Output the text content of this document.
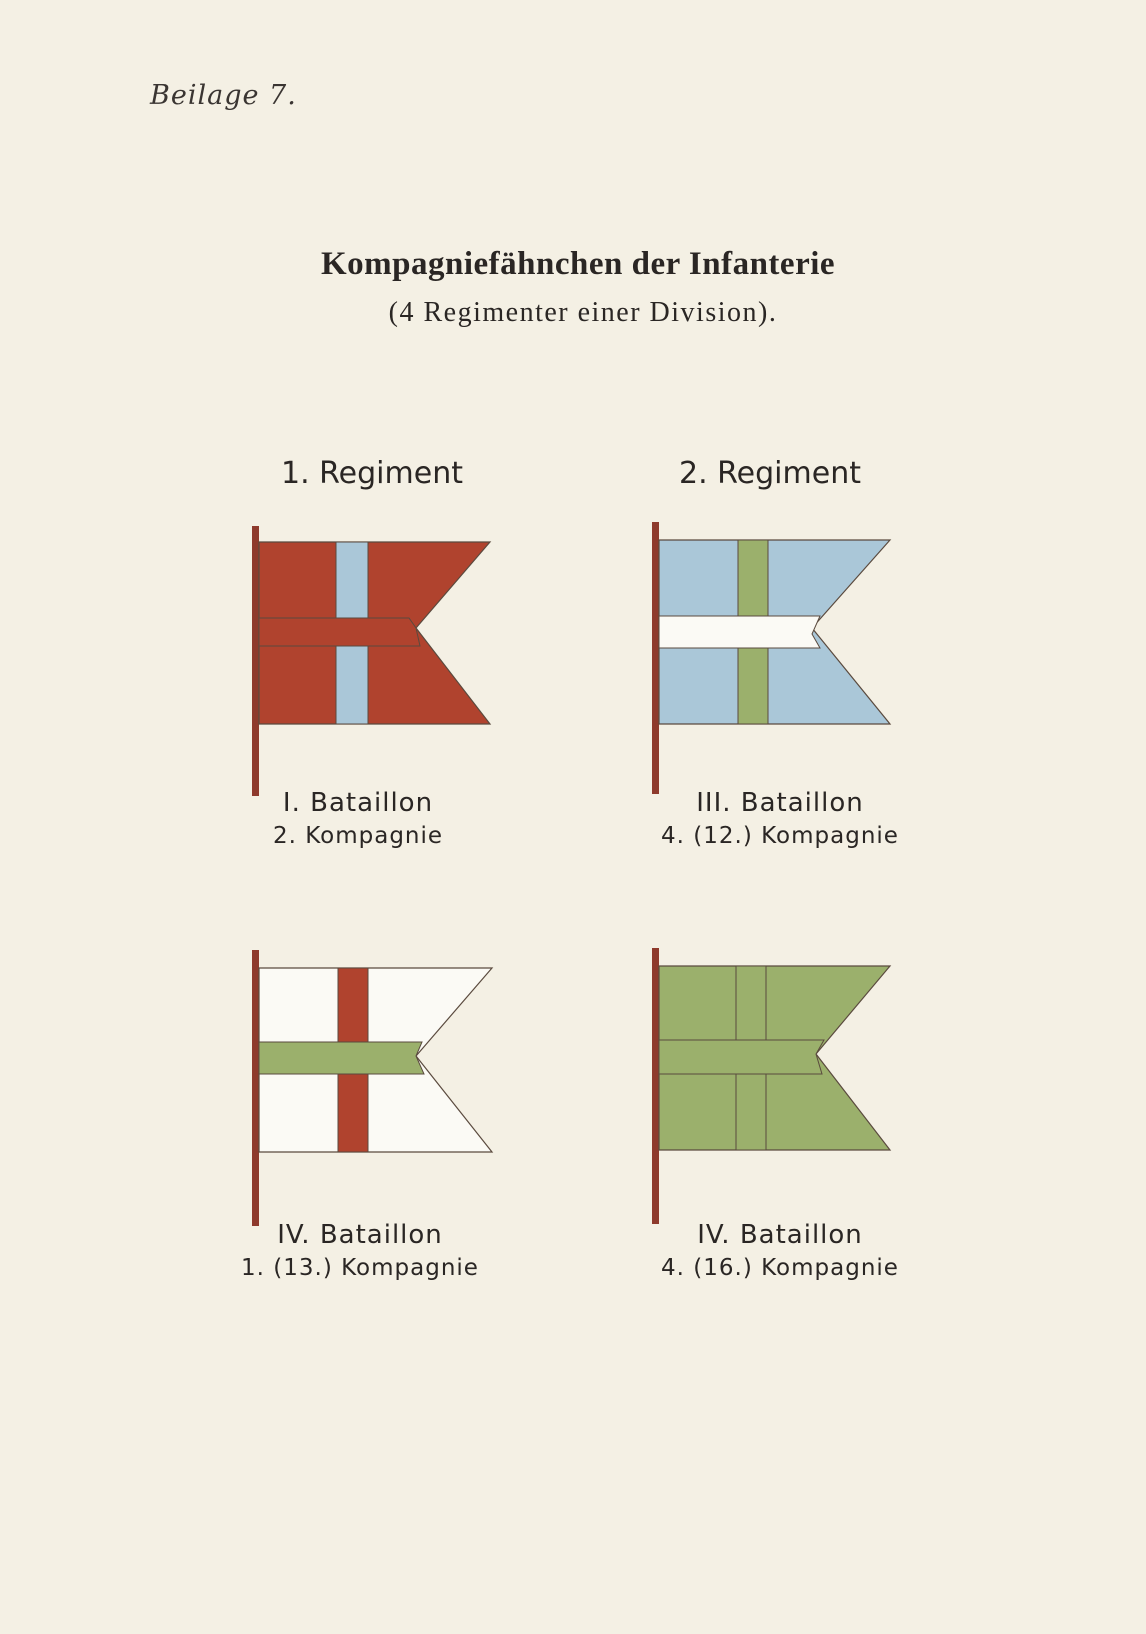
Beilage 7.
Kompagniefähnchen der Infanterie
(4 Regimenter einer Division).
1. Regiment	2. Regiment
I. Bataillon
2. Kompagnie
III. Bataillon
4. (12.) Kompagnie
IV. Bataillon
1. (13.) Kompagnie
IV. Bataillon
4. (16.) Kompagnie
